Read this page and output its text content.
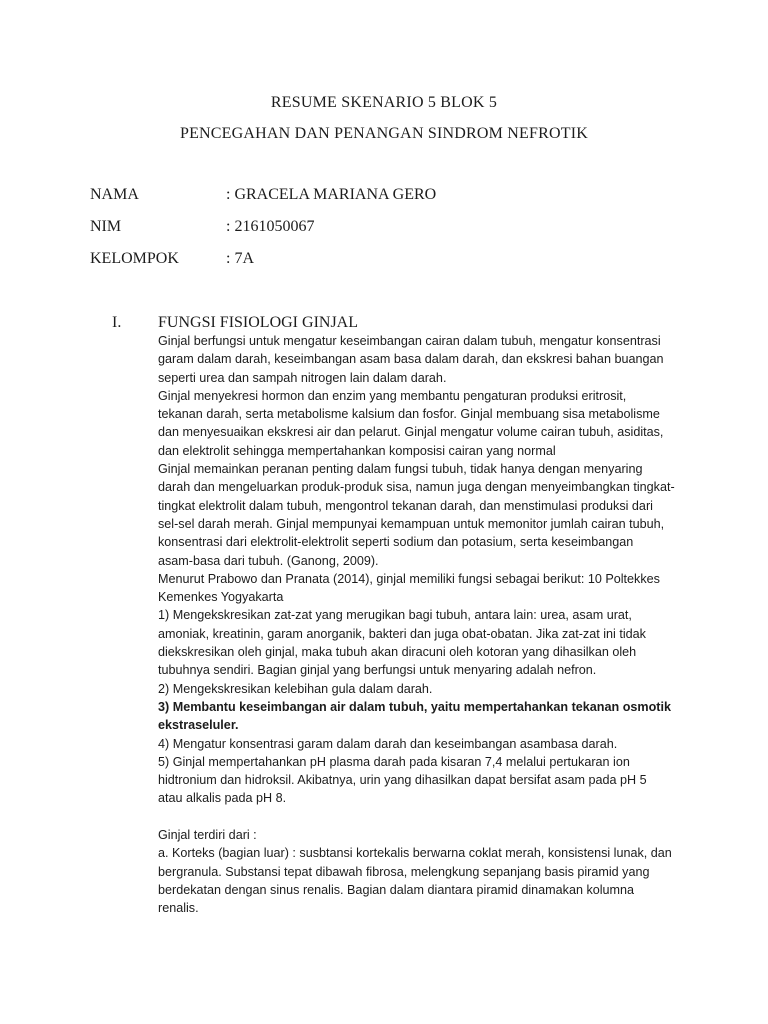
RESUME SKENARIO 5 BLOK 5
PENCEGAHAN DAN PENANGAN SINDROM NEFROTIK
NAMA	: GRACELA MARIANA GERO
NIM	: 2161050067
KELOMPOK	: 7A
I. FUNGSI FISIOLOGI GINJAL
Ginjal berfungsi untuk mengatur keseimbangan cairan dalam tubuh, mengatur konsentrasi
garam dalam darah, keseimbangan asam basa dalam darah, dan ekskresi bahan buangan
seperti urea dan sampah nitrogen lain dalam darah.
Ginjal menyekresi hormon dan enzim yang membantu pengaturan produksi eritrosit,
tekanan darah, serta metabolisme kalsium dan fosfor. Ginjal membuang sisa metabolisme
dan menyesuaikan ekskresi air dan pelarut. Ginjal mengatur volume cairan tubuh, asiditas,
dan elektrolit sehingga mempertahankan komposisi cairan yang normal
Ginjal memainkan peranan penting dalam fungsi tubuh, tidak hanya dengan menyaring
darah dan mengeluarkan produk-produk sisa, namun juga dengan menyeimbangkan tingkat-
tingkat elektrolit dalam tubuh, mengontrol tekanan darah, dan menstimulasi produksi dari
sel-sel darah merah. Ginjal mempunyai kemampuan untuk memonitor jumlah cairan tubuh,
konsentrasi dari elektrolit-elektrolit seperti sodium dan potasium, serta keseimbangan
asam-basa dari tubuh. (Ganong, 2009).
Menurut Prabowo dan Pranata (2014), ginjal memiliki fungsi sebagai berikut: 10 Poltekkes
Kemenkes Yogyakarta
1) Mengekskresikan zat-zat yang merugikan bagi tubuh, antara lain: urea, asam urat,
amoniak, kreatinin, garam anorganik, bakteri dan juga obat-obatan. Jika zat-zat ini tidak
diekskresikan oleh ginjal, maka tubuh akan diracuni oleh kotoran yang dihasilkan oleh
tubuhnya sendiri. Bagian ginjal yang berfungsi untuk menyaring adalah nefron.
2) Mengekskresikan kelebihan gula dalam darah.
3) Membantu keseimbangan air dalam tubuh, yaitu mempertahankan tekanan osmotik
ekstraseluler.
4) Mengatur konsentrasi garam dalam darah dan keseimbangan asambasa darah.
5) Ginjal mempertahankan pH plasma darah pada kisaran 7,4 melalui pertukaran ion
hidtronium dan hidroksil. Akibatnya, urin yang dihasilkan dapat bersifat asam pada pH 5
atau alkalis pada pH 8.
Ginjal terdiri dari :
a. Korteks (bagian luar) : susbtansi kortekalis berwarna coklat merah, konsistensi lunak, dan
bergranula. Substansi tepat dibawah fibrosa, melengkung sepanjang basis piramid yang
berdekatan dengan sinus renalis. Bagian dalam diantara piramid dinamakan kolumna
renalis.
